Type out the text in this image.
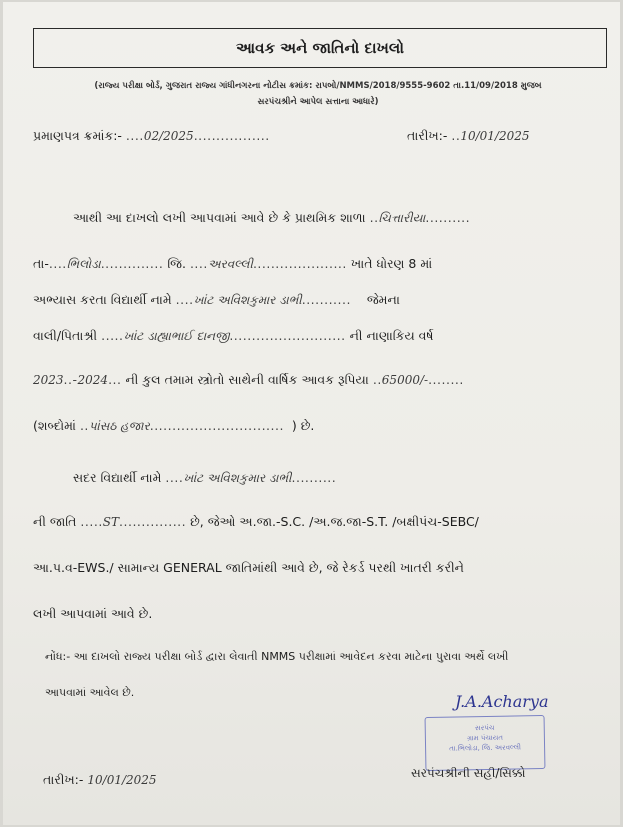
આવક અને જાતિનો દાખલો
(રાજ્ય પરીક્ષા બોર્ડ, ગુજરાત રાજ્ય ગાંધીનગરના નોટીસ ક્રમાંક: રાપબો/NMMS/2018/9555-9602 તા.11/09/2018 મુજબ
સરપંચશ્રીને આપેલ સત્તાના આધારે)
પ્રમાણપત્ર ક્રમાંક:- ....02/2025.................	તારીખ:- ..10/01/2025
આથી આ દાખલો લખી આપવામાં આવે છે કે પ્રાથમિક શાળા ..ચિત્તારીયા..........
તા-....ભિલોડા.............. જિ. ....અરવલ્લી..................... ખાતે ધોરણ 8 માં
અભ્યાસ કરતા વિદ્યાર્થી નામે ....ખાંટ અવિશકુમાર ડાભી........... જેમના
વાલી/પિતાશ્રી .....ખાંટ ડાહ્યાભાઈ દાનજી.......................... ની નાણાકિય વર્ષ
2023..-2024... ની કુલ તમામ સ્ત્રોતો સાથેની વાર્ષિક આવક રૂપિયા ..65000/-........
(શબ્દોમાં ..પાંસઠ હજાર.............................. ) છે.
સદર વિદ્યાર્થી નામે ....ખાંટ અવિશકુમાર ડાભી..........
ની જાતિ .....ST............... છે, જેઓ અ.જા.-S.C. /અ.જ.જા-S.T. /બક્ષીપંચ-SEBC/
આ.પ.વ-EWS./ સામાન્ય GENERAL જાતિમાંથી આવે છે, જે રેકર્ડ પરથી ખાતરી કરીને
લખી આપવામાં આવે છે.
નોંધ:- આ દાખલો રાજ્ય પરીક્ષા બોર્ડ દ્વારા લેવાતી NMMS પરીક્ષામાં આવેદન કરવા માટેના પુરાવા અર્થે લખી
આપવામાં આવેલ છે.	J.A.Acharya
સરપંચ
ગ્રામ પંચાયત
તા.ભિલોડા, જિ. અરવલ્લી
તારીખ:- 10/01/2025	સરપંચશ્રીની સહી/સિક્કો
